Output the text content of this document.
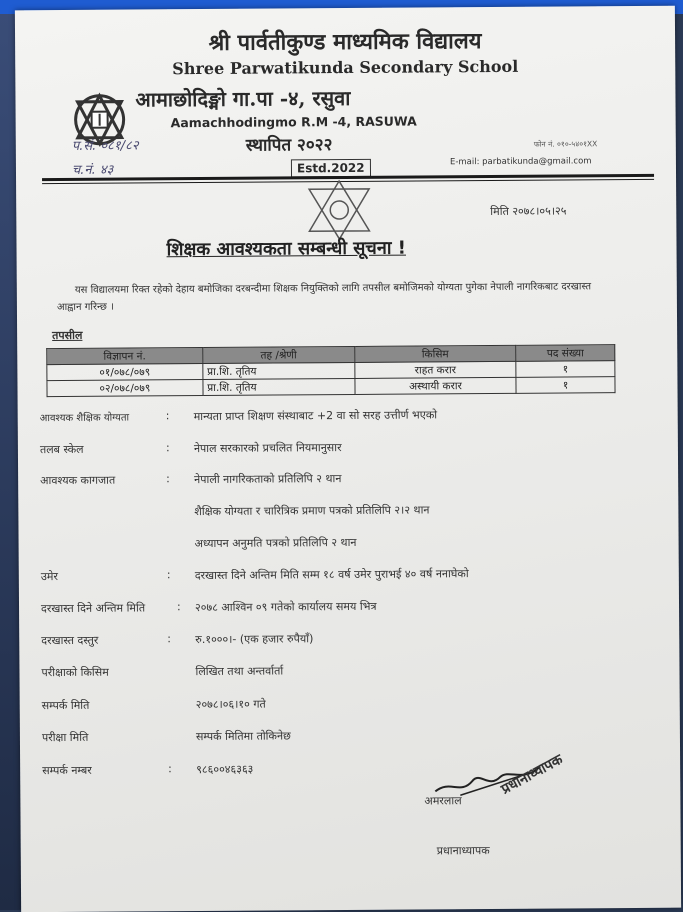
श्री पार्वतीकुण्ड माध्यमिक विद्यालय
Shree Parwatikunda Secondary School
आमाछोदिङ्मो गा.पा -४, रसुवा
Aamachhodingmo R.M -4, RASUWA
स्थापित २०२२
Estd.2022
प.सं. ०८१/८२
च.नं. ४३
फोन नं. ०१०-५४०१XX
E-mail: parbatikunda@gmail.com
मिति २०७८।०५।२५
शिक्षक आवश्यकता सम्बन्धी सूचना !
यस विद्यालयमा रिक्त रहेको देहाय बमोजिका दरबन्दीमा शिक्षक नियुक्तिको लागि तपसील बमोजिमको योग्यता पुगेका नेपाली नागरिकबाट दरखास्त आह्वान गरिन्छ ।
तपसील
विज्ञापन नं.	तह /श्रेणी	किसिम	पद संख्या
०१/०७८/०७९	प्रा.शि. तृतिय	राहत करार	१
०२/०७८/०७९	प्रा.शि. तृतिय	अस्थायी करार	१
आवश्यक शैक्षिक योग्यता	: मान्यता प्राप्त शिक्षण संस्थाबाट +2 वा सो सरह उत्तीर्ण भएको
तलब स्केल	: नेपाल सरकारको प्रचलित नियमानुसार
आवश्यक कागजात	: नेपाली नागरिकताको प्रतिलिपि २ थान
शैक्षिक योग्यता र चारित्रिक प्रमाण पत्रको प्रतिलिपि २।२ थान
अध्यापन अनुमति पत्रको प्रतिलिपि २ थान
उमेर	: दरखास्त दिने अन्तिम मिति सम्म १८ वर्ष उमेर पुराभई ४० वर्ष ननाघेको
दरखास्त दिने अन्तिम मिति	: २०७८ आश्विन ०९ गतेको कार्यालय समय भित्र
दरखास्त दस्तुर	: रु.१०००।- (एक हजार रुपैयाँ)
परीक्षाको किसिम	लिखित तथा अन्तर्वार्ता
सम्पर्क मिति	२०७८।०६।१० गते
परीक्षा मिति	सम्पर्क मितिमा तोकिनेछ
सम्पर्क नम्बर	: ९८६००४६३६३	प्रधानाध्यापक
अमरलाल
प्रधानाध्यापक
